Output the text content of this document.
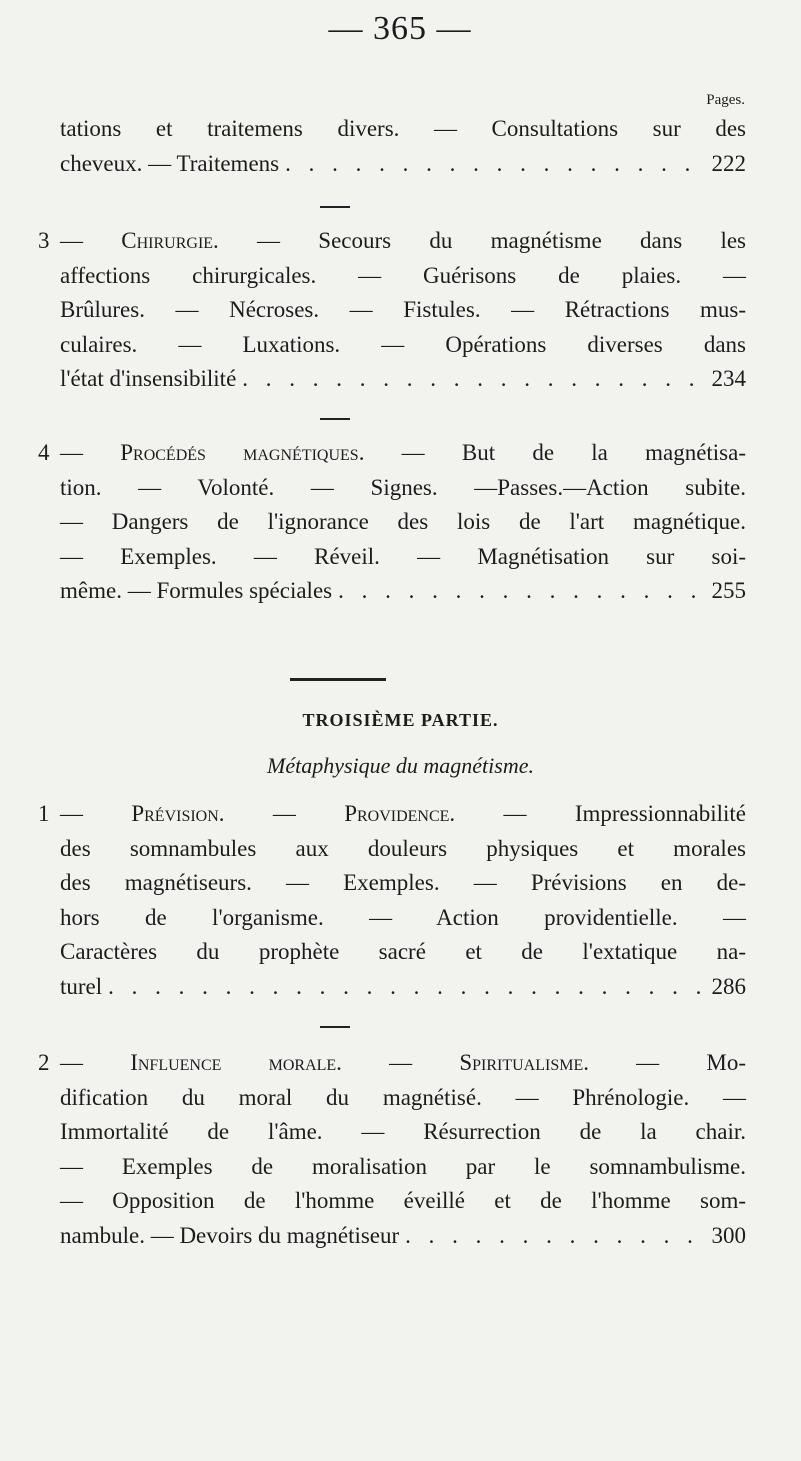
— 365 —
Pages.
tations et traitemens divers. — Consultations sur des
cheveux. — Traitemens . . .	222
3 — Chirurgie. — Secours du magnétisme dans les
affections chirurgicales. — Guérisons de plaies. —
Brûlures. — Nécroses. — Fistules. — Rétractions mus-
culaires. — Luxations. — Opérations diverses dans
l'état d'insensibilité . . .	234
4 — Procédés magnétiques. — But de la magnétisa-
tion. — Volonté. — Signes. —Passes.—Action subite.
— Dangers de l'ignorance des lois de l'art magnétique.
— Exemples. — Réveil. — Magnétisation sur soi-
même. — Formules spéciales . . .	255
TROISIÈME PARTIE.
Métaphysique du magnétisme.
1 — Prévision. — Providence. — Impressionnabilité
des somnambules aux douleurs physiques et morales
des magnétiseurs. — Exemples. — Prévisions en de-
hors de l'organisme. — Action providentielle. —
Caractères du prophète sacré et de l'extatique na-
turel . . .	286
2 — Influence morale. — Spiritualisme. — Mo-
dification du moral du magnétisé. — Phrénologie. —
Immortalité de l'âme. — Résurrection de la chair.
— Exemples de moralisation par le somnambulisme.
— Opposition de l'homme éveillé et de l'homme som-
nambule. — Devoirs du magnétiseur . . .	300
